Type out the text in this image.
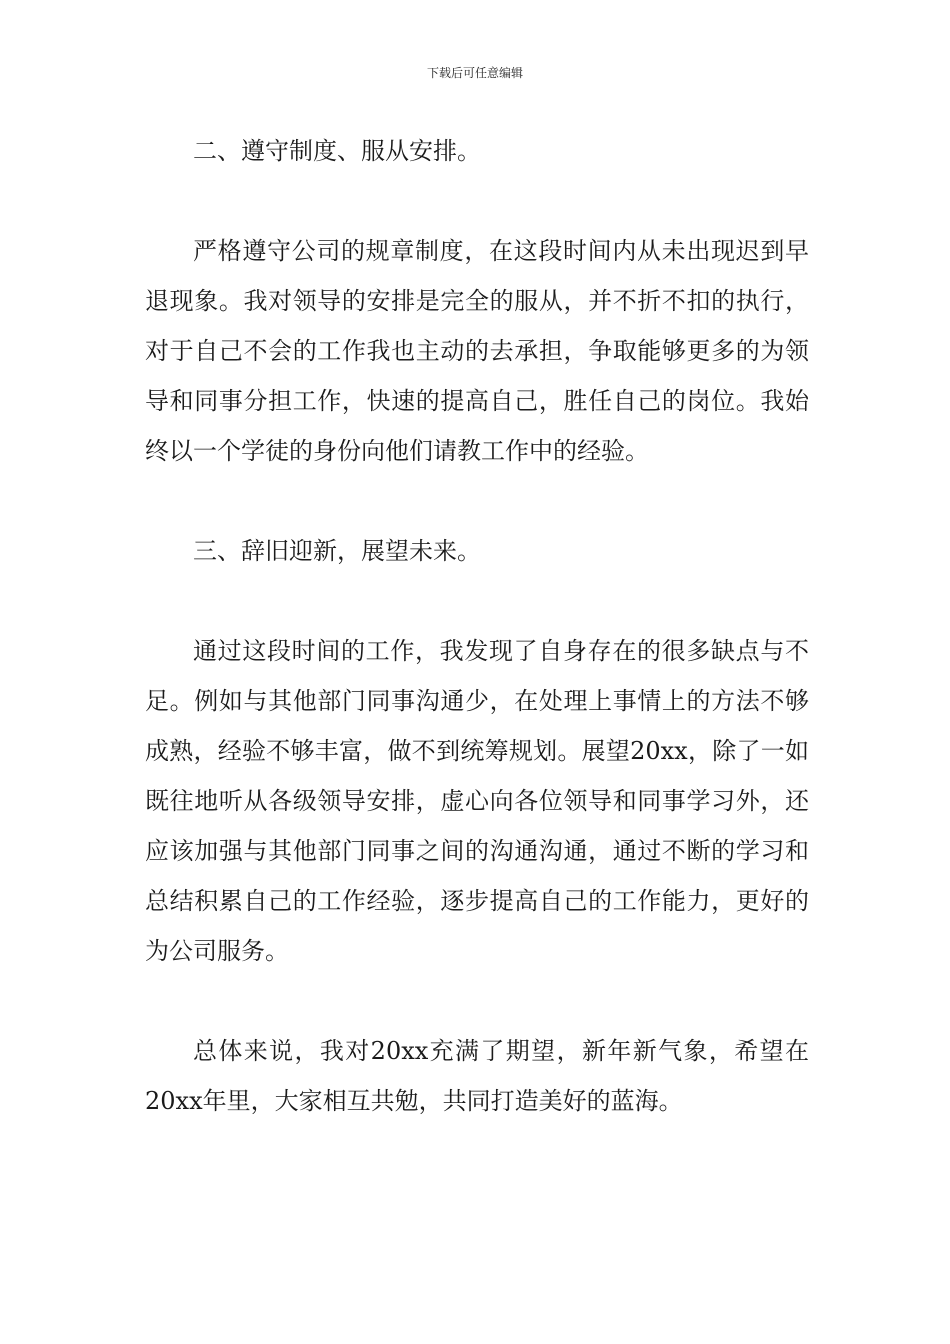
下载后可任意编辑

二、遵守制度、服从安排。

严格遵守公司的规章制度，在这段时间内从未出现迟到早退现象。我对领导的安排是完全的服从，并不折不扣的执行，对于自己不会的工作我也主动的去承担，争取能够更多的为领导和同事分担工作，快速的提高自己，胜任自己的岗位。我始终以一个学徒的身份向他们请教工作中的经验。

三、辞旧迎新，展望未来。

通过这段时间的工作，我发现了自身存在的很多缺点与不足。例如与其他部门同事沟通少，在处理上事情上的方法不够成熟，经验不够丰富，做不到统筹规划。展望20xx，除了一如既往地听从各级领导安排，虚心向各位领导和同事学习外，还应该加强与其他部门同事之间的沟通沟通，通过不断的学习和总结积累自己的工作经验，逐步提高自己的工作能力，更好的为公司服务。

总体来说，我对20xx充满了期望，新年新气象，希望在20xx年里，大家相互共勉，共同打造美好的蓝海。
